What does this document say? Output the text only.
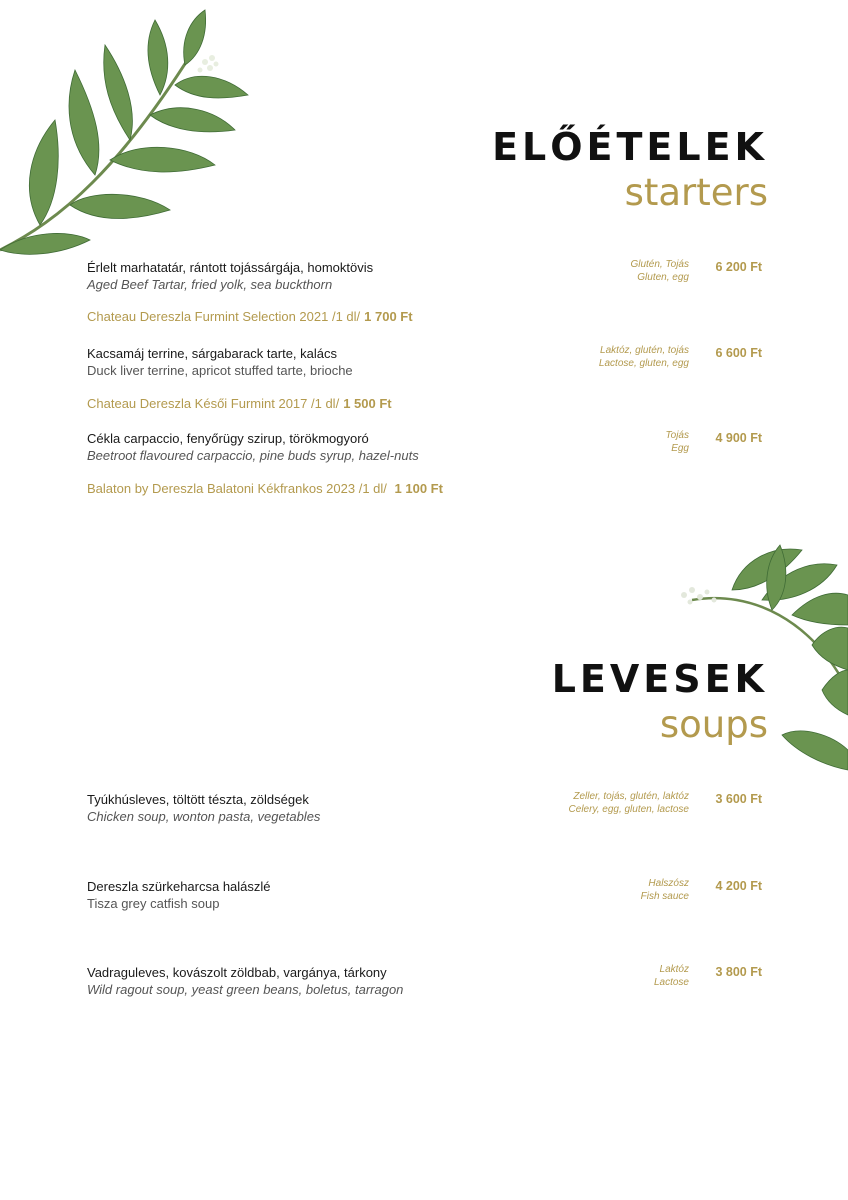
ELŐÉTELEK
starters
Érlelt marhatatár, rántott tojássárgája, homoktövis
Aged Beef Tartar, fried yolk, sea buckthorn
Glutén, Tojás
Gluten, egg
6 200 Ft
Chateau Dereszla Furmint Selection 2021 /1 dl/ 1 700 Ft
Kacsamáj terrine, sárgabarack tarte, kalács
Duck liver terrine, apricot stuffed tarte, brioche
Laktóz, glutén, tojás
Lactose, gluten, egg
6 600 Ft
Chateau Dereszla Késői Furmint 2017 /1 dl/ 1 500 Ft
Cékla carpaccio, fenyőrügy szirup, törökmogyoró
Beetroot flavoured carpaccio, pine buds syrup, hazel-nuts
Tojás
Egg
4 900 Ft
Balaton by Dereszla Balatoni Kékfrankos 2023 /1 dl/ 1 100 Ft
LEVESEK
soups
Tyúkhúsleves, töltött tészta, zöldségek
Chicken soup, wonton pasta, vegetables
Zeller, tojás, glutén, laktóz
Celery, egg, gluten, lactose
3 600 Ft
Dereszla szürkeharcsa halászlé
Tisza grey catfish soup
Halszósz
Fish sauce
4 200 Ft
Vadraguleves, kovászolt zöldbab, vargánya, tárkony
Wild ragout soup, yeast green beans, boletus, tarragon
Laktóz
Lactose
3 800 Ft
